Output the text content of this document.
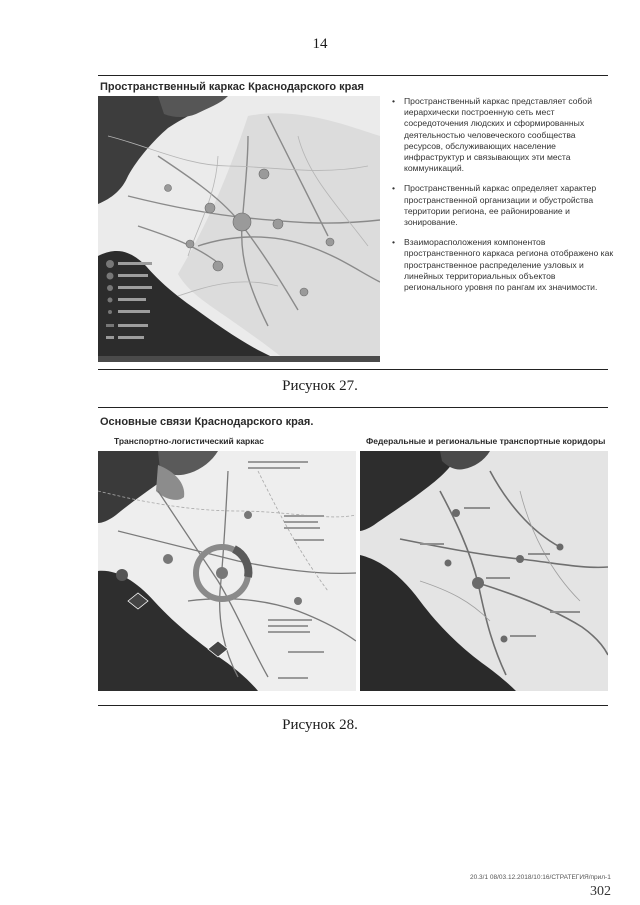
14
Пространственный каркас Краснодарского края
• Пространственный каркас представляет собой иерархически построенную сеть мест сосредоточения людских и сформированных деятельностью человеческого сообщества ресурсов, обслуживающих население инфраструктур и связывающих эти места коммуникаций.
• Пространственный каркас определяет характер пространственной организации и обустройства территории региона, ее районирование и зонирование.
• Взаиморасположения компонентов пространственного каркаса региона отображено как пространственное распределение узловых и линейных территориальных объектов регионального уровня по рангам их значимости.
Рисунок 27.
Основные связи Краснодарского края.
Транспортно-логистический каркас	Федеральные и региональные транспортные коридоры
Рисунок 28.
20.3/1 08/03.12.2018/10:16/СТРАТЕГИЯ/прил-1
302
